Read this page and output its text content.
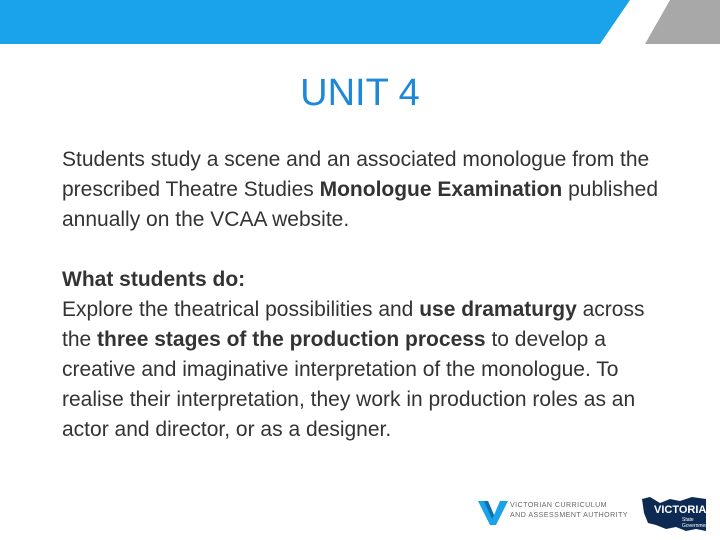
UNIT 4

Students study a scene and an associated monologue from the prescribed Theatre Studies Monologue Examination published annually on the VCAA website.

What students do:

Explore the theatrical possibilities and use dramaturgy across the three stages of the production process to develop a creative and imaginative interpretation of the monologue. To realise their interpretation, they work in production roles as an actor and director, or as a designer.

VICTORIAN CURRICULUM
AND ASSESSMENT AUTHORITY VICTORIA
State
Government
